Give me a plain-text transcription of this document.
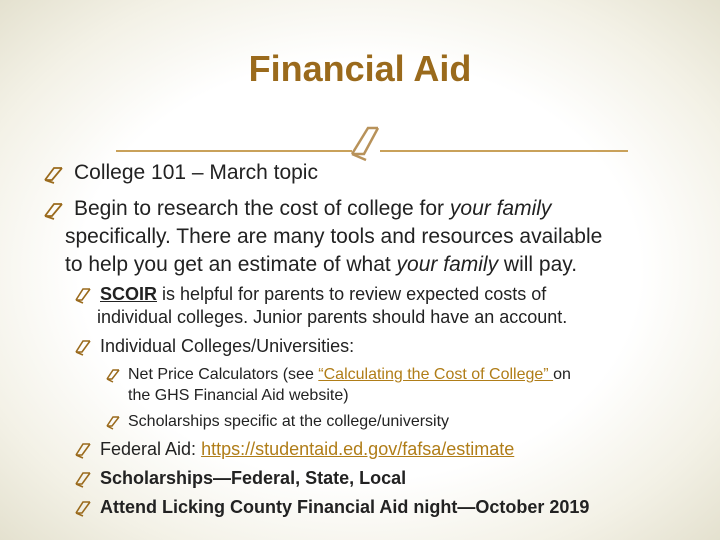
Financial Aid
College 101 – March topic
Begin to research the cost of college for your family
specifically. There are many tools and resources available
to help you get an estimate of what your family will pay.
SCOIR is helpful for parents to review expected costs of
individual colleges. Junior parents should have an account.
Individual Colleges/Universities:
Net Price Calculators (see “Calculating the Cost of College” on
the GHS Financial Aid website)
Scholarships specific at the college/university
Federal Aid: https://studentaid.ed.gov/fafsa/estimate
Scholarships—Federal, State, Local
Attend Licking County Financial Aid night—October 2019
